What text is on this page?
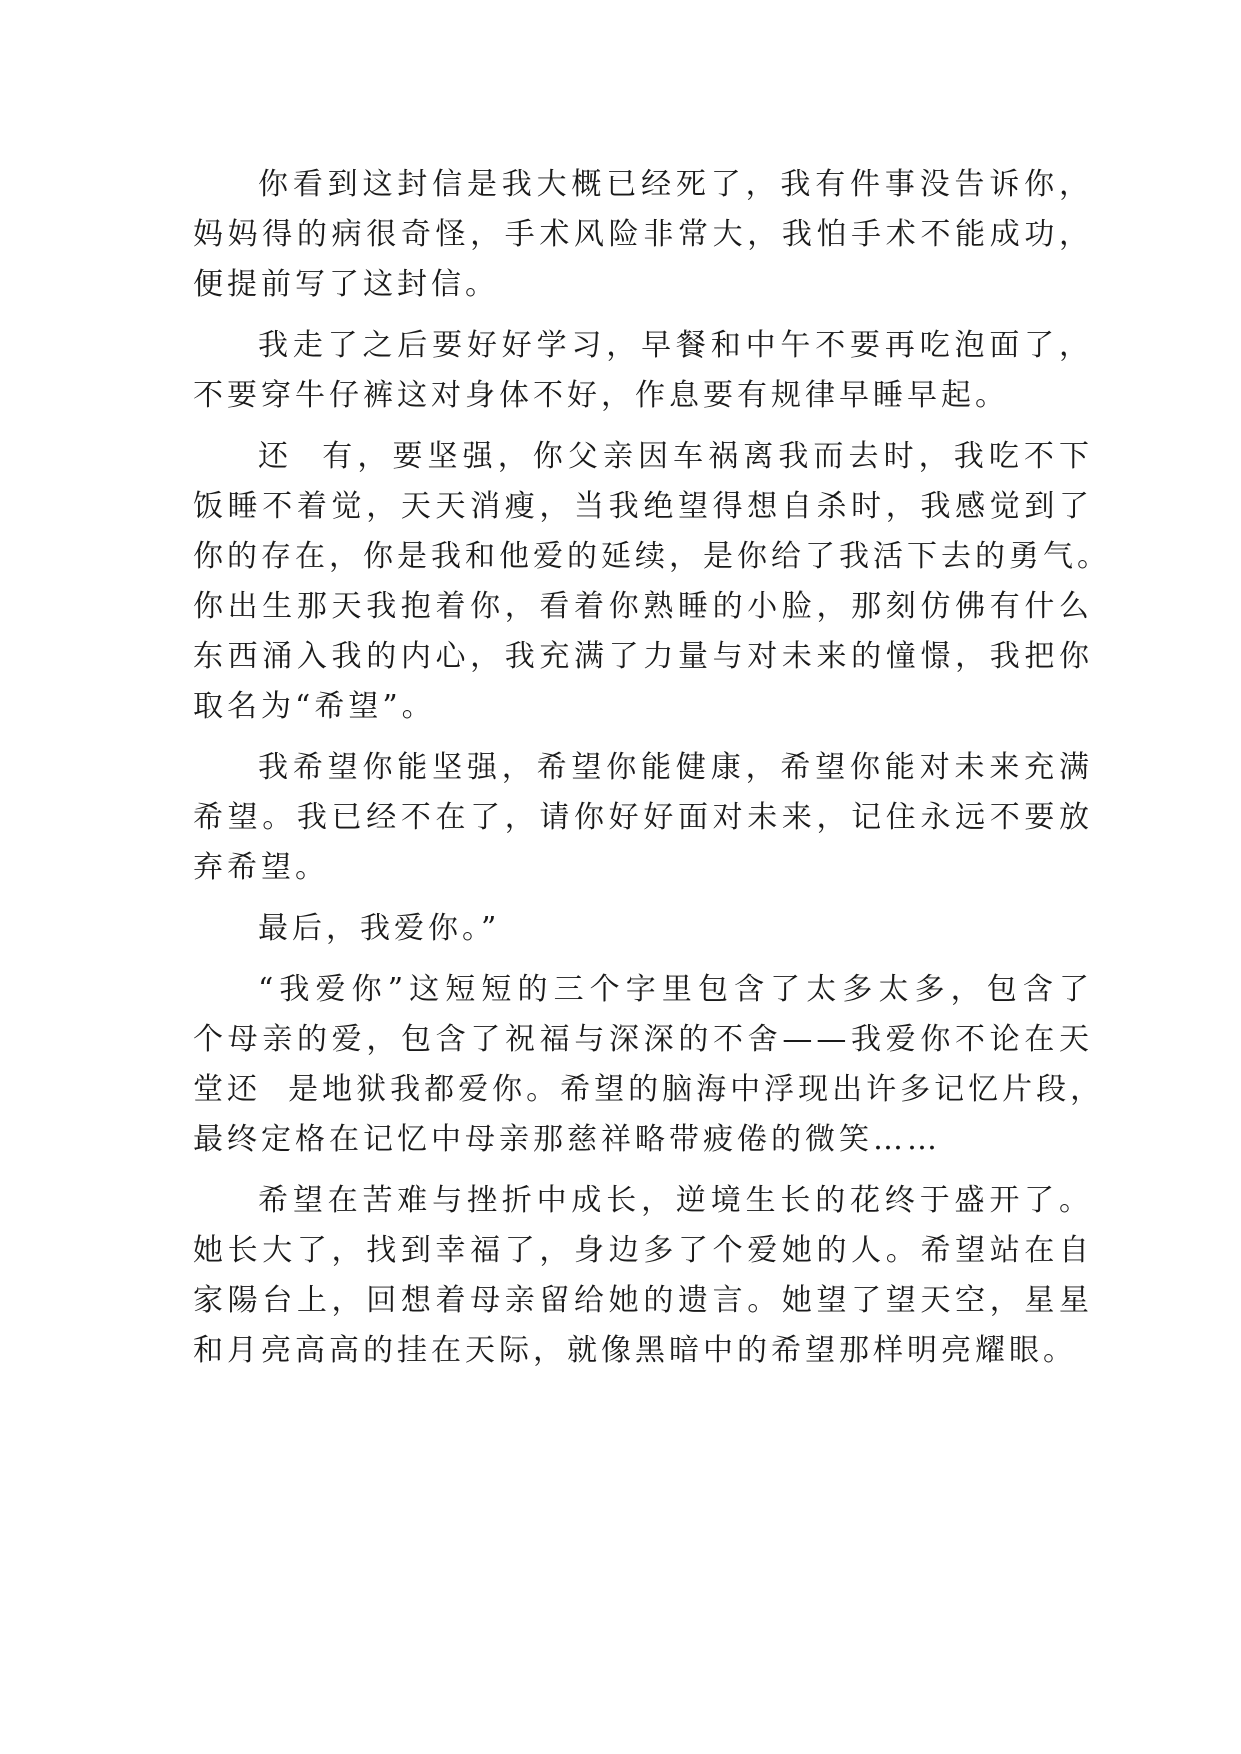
你看到这封信是我大概已经死了，我有件事没告诉你，
妈妈得的病很奇怪，手术风险非常大，我怕手术不能成功，
便提前写了这封信。
我走了之后要好好学习，早餐和中午不要再吃泡面了，
不要穿牛仔裤这对身体不好，作息要有规律早睡早起。
还  有，要坚强，你父亲因车祸离我而去时，我吃不下
饭睡不着觉，天天消瘦，当我绝望得想自杀时，我感觉到了
你的存在，你是我和他爱的延续，是你给了我活下去的勇气。
你出生那天我抱着你，看着你熟睡的小脸，那刻仿佛有什么
东西涌入我的内心，我充满了力量与对未来的憧憬，我把你
取名为“希望”。
我希望你能坚强，希望你能健康，希望你能对未来充满
希望。我已经不在了，请你好好面对未来，记住永远不要放
弃希望。
最后，我爱你。”
“我爱你”这短短的三个字里包含了太多太多，包含了
个母亲的爱，包含了祝福与深深的不舍——我爱你不论在天
堂还  是地狱我都爱你。希望的脑海中浮现出许多记忆片段，
最终定格在记忆中母亲那慈祥略带疲倦的微笑……
希望在苦难与挫折中成长，逆境生长的花终于盛开了。
她长大了，找到幸福了，身边多了个爱她的人。希望站在自
家陽台上，回想着母亲留给她的遗言。她望了望天空，星星
和月亮高高的挂在天际，就像黑暗中的希望那样明亮耀眼。
